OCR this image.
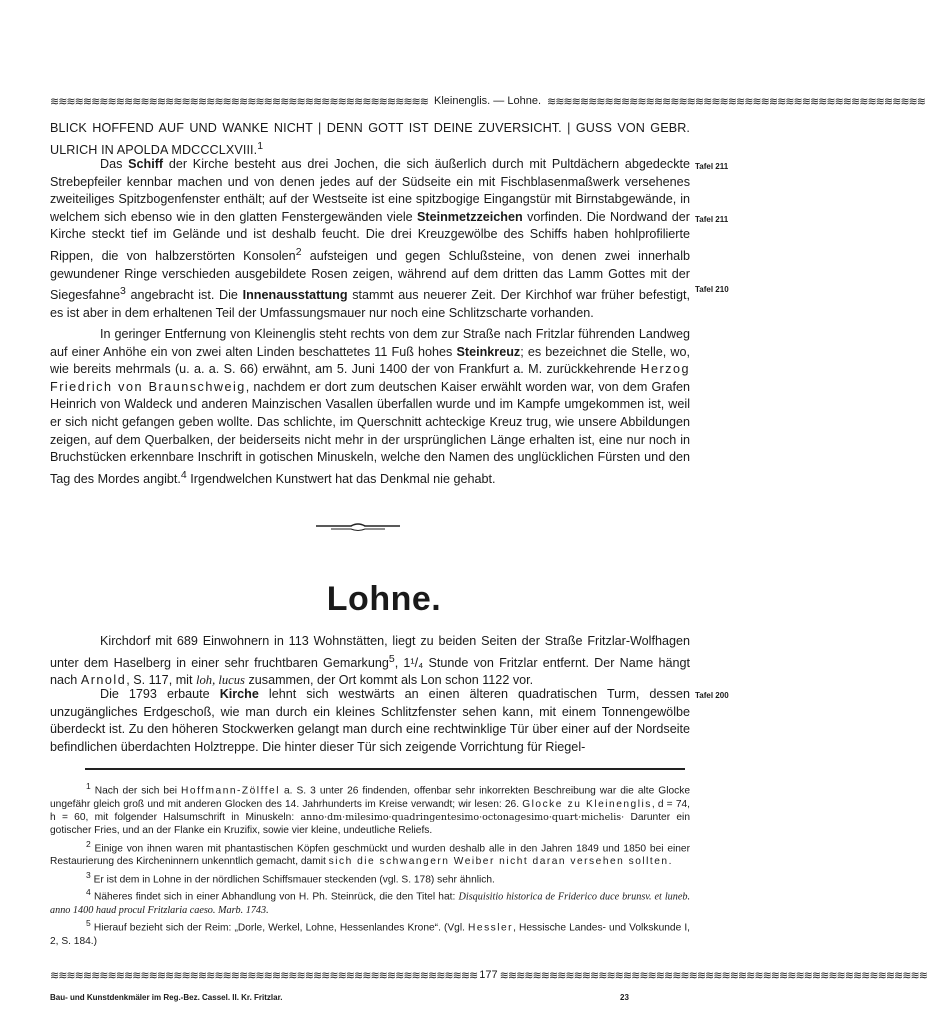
≋≋≋≋≋≋≋≋≋≋≋≋≋≋≋≋≋≋≋≋≋≋≋≋≋≋≋≋≋≋≋≋≋≋≋≋≋≋≋≋≋≋≋≋≋≋ Kleinenglis. — Lohne. ≋≋≋≋≋≋≋≋≋≋≋≋≋≋≋≋≋≋≋≋≋≋≋≋≋≋≋≋≋≋≋≋≋≋≋≋≋≋≋≋≋≋≋≋≋≋

BLICK HOFFEND AUF UND WANKE NICHT | DENN GOTT IST DEINE ZUVERSICHT. | GUSS VON GEBR. ULRICH IN APOLDA MDCCCLXVIII.$^1$

Das Schiff der Kirche besteht aus drei Jochen, die sich äußerlich durch mit Pultdächern abgedeckte Strebepfeiler kennbar machen und von denen jedes auf der Südseite ein mit Fischblasenmaßwerk versehenes zweiteiliges Spitzbogenfenster enthält; auf der Westseite ist eine spitzbogige Eingangstür mit Birnstabgewände, in welchem sich ebenso wie in den glatten Fenstergewänden viele Steinmetzzeichen vorfinden. Die Nordwand der Kirche steckt tief im Gelände und ist deshalb feucht. Die drei Kreuzgewölbe des Schiffs haben hohlprofilierte Rippen, die von halbzerstörten Konsolen$^2$ aufsteigen und gegen Schlußsteine, von denen zwei innerhalb gewundener Ringe verschieden ausgebildete Rosen zeigen, während auf dem dritten das Lamm Gottes mit der Siegesfahne$^3$ angebracht ist. Die Innenausstattung stammt aus neuerer Zeit. Der Kirchhof war früher befestigt, es ist aber in dem erhaltenen Teil der Umfassungsmauer nur noch eine Schlitzscharte vorhanden.

In geringer Entfernung von Kleinenglis steht rechts von dem zur Straße nach Fritzlar führenden Landweg auf einer Anhöhe ein von zwei alten Linden beschattetes 11 Fuß hohes Steinkreuz; es bezeichnet die Stelle, wo, wie bereits mehrmals (u. a. a. S. 66) erwähnt, am 5. Juni 1400 der von Frankfurt a. M. zurückkehrende Herzog Friedrich von Braunschweig, nachdem er dort zum deutschen Kaiser erwählt worden war, von dem Grafen Heinrich von Waldeck und anderen Mainzischen Vasallen überfallen wurde und im Kampfe umgekommen ist, weil er sich nicht gefangen geben wollte. Das schlichte, im Querschnitt achteckige Kreuz trug, wie unsere Abbildungen zeigen, auf dem Querbalken, der beiderseits nicht mehr in der ursprünglichen Länge erhalten ist, eine nur noch in Bruchstücken erkennbare Inschrift in gotischen Minuskeln, welche den Namen des unglücklichen Fürsten und den Tag des Mordes angibt.$^4$ Irgendwelchen Kunstwert hat das Denkmal nie gehabt.

Tafel 211
Tafel 211
Tafel 210
Tafel 200
Lohne.

Kirchdorf mit 689 Einwohnern in 113 Wohnstätten, liegt zu beiden Seiten der Straße Fritzlar-Wolfhagen unter dem Haselberg in einer sehr fruchtbaren Gemarkung$^5$, 1¹/₄ Stunde von Fritzlar entfernt. Der Name hängt nach Arnold, S. 117, mit loh, lucus zusammen, der Ort kommt als Lon schon 1122 vor.

Die 1793 erbaute Kirche lehnt sich westwärts an einen älteren quadratischen Turm, dessen unzugängliches Erdgeschoß, wie man durch ein kleines Schlitzfenster sehen kann, mit einem Tonnengewölbe überdeckt ist. Zu den höheren Stockwerken gelangt man durch eine rechtwinklige Tür über einer auf der Nordseite befindlichen überdachten Holztreppe. Die hinter dieser Tür sich zeigende Vorrichtung für Riegel-

$^1$ Nach der sich bei Hoffmann-Zölffel a. S. 3 unter 26 findenden, offenbar sehr inkorrekten Beschreibung war die alte Glocke ungefähr gleich groß und mit anderen Glocken des 14. Jahrhunderts im Kreise verwandt; wir lesen: 26. Glocke zu Kleinenglis, d = 74, h = 60, mit folgender Halsumschrift in Minuskeln: anno·dm·milesimo·quadringentesimo·octonagesimo·quart·michelis· Darunter ein gotischer Fries, und an der Flanke ein Kruzifix, sowie vier kleine, undeutliche Reliefs.

$^2$ Einige von ihnen waren mit phantastischen Köpfen geschmückt und wurden deshalb alle in den Jahren 1849 und 1850 bei einer Restaurierung des Kircheninnern unkenntlich gemacht, damit sich die schwangern Weiber nicht daran versehen sollten.

$^3$ Er ist dem in Lohne in der nördlichen Schiffsmauer steckenden (vgl. S. 178) sehr ähnlich.

$^4$ Näheres findet sich in einer Abhandlung von H. Ph. Steinrück, die den Titel hat: Disquisitio historica de Friderico duce brunsv. et luneb. anno 1400 haud procul Fritzlaria caeso. Marb. 1743.

$^5$ Hierauf bezieht sich der Reim: „Dorle, Werkel, Lohne, Hessenlandes Krone“. (Vgl. Hessler, Hessische Landes- und Volkskunde I, 2, S. 184.)

≋≋≋≋≋≋≋≋≋≋≋≋≋≋≋≋≋≋≋≋≋≋≋≋≋≋≋≋≋≋≋≋≋≋≋≋≋≋≋≋≋≋≋≋≋≋≋≋≋≋≋≋ 177 ≋≋≋≋≋≋≋≋≋≋≋≋≋≋≋≋≋≋≋≋≋≋≋≋≋≋≋≋≋≋≋≋≋≋≋≋≋≋≋≋≋≋≋≋≋≋≋≋≋≋≋≋
Bau- und Kunstdenkmäler im Reg.-Bez. Cassel. II. Kr. Fritzlar.	23
